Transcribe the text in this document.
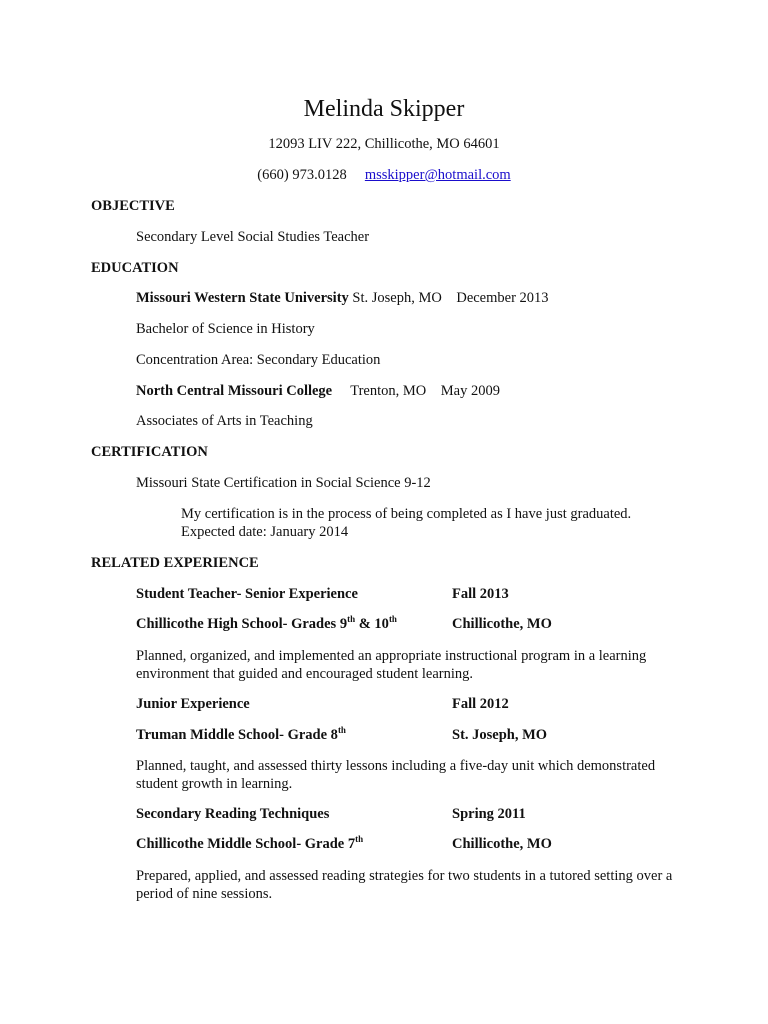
Melinda Skipper
12093 LIV 222, Chillicothe, MO 64601
(660) 973.0128 msskipper@hotmail.com
OBJECTIVE
Secondary Level Social Studies Teacher
EDUCATION
Missouri Western State University St. Joseph, MO December 2013
Bachelor of Science in History
Concentration Area: Secondary Education
North Central Missouri College Trenton, MO May 2009
Associates of Arts in Teaching
CERTIFICATION
Missouri State Certification in Social Science 9-12
My certification is in the process of being completed as I have just graduated.
Expected date: January 2014
RELATED EXPERIENCE
Student Teacher- Senior Experience	Fall 2013
Chillicothe High School- Grades 9th & 10th	Chillicothe, MO
Planned, organized, and implemented an appropriate instructional program in a learning environment that guided and encouraged student learning.
Junior Experience	Fall 2012
Truman Middle School- Grade 8th	St. Joseph, MO
Planned, taught, and assessed thirty lessons including a five-day unit which demonstrated student growth in learning.
Secondary Reading Techniques	Spring 2011
Chillicothe Middle School- Grade 7th	Chillicothe, MO
Prepared, applied, and assessed reading strategies for two students in a tutored setting over a period of nine sessions.
